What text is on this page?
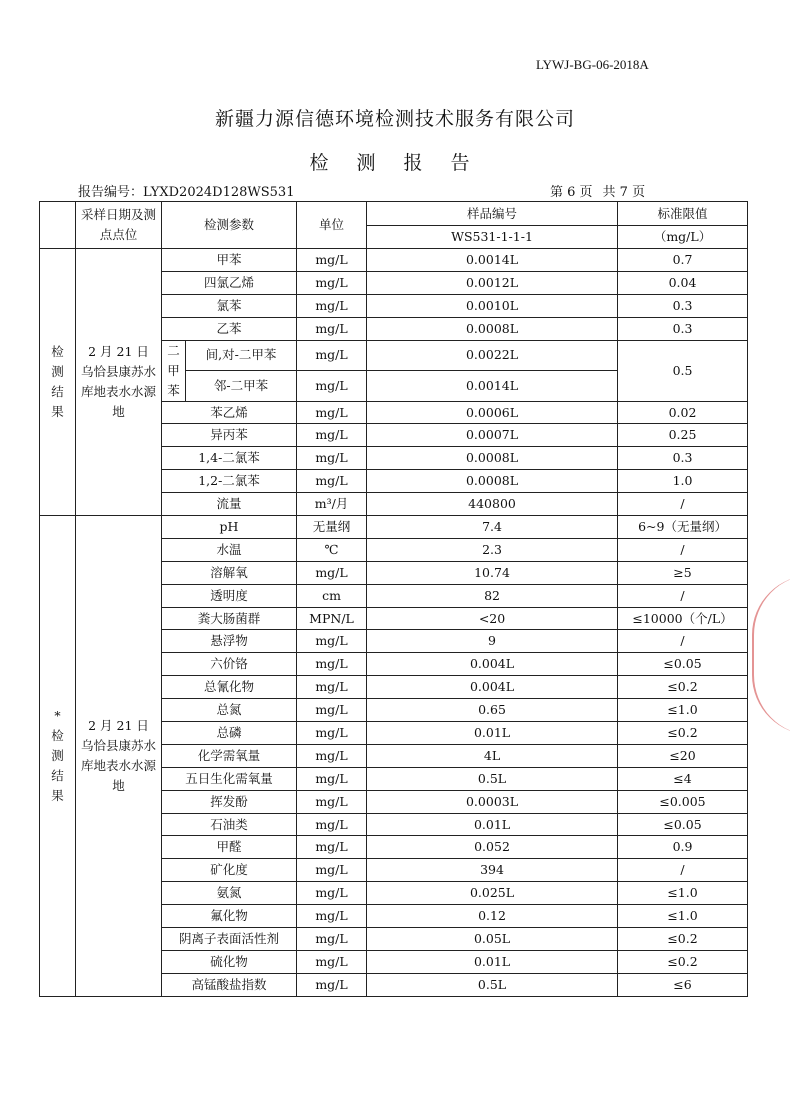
LYWJ-BG-06-2018A
新疆力源信德环境检测技术服务有限公司
检 测 报 告
报告编号：LYXD2024D128WS531	第 6 页 共 7 页
	采样日期及测点点位	检测参数		单位	样品编号	标准限值
					WS531-1-1-1	（mg/L）

检测结果	2 月 21 日 乌恰县康苏水库地表水水源地	甲苯		mg/L	0.0014L	0.7
		四氯乙烯		mg/L	0.0012L	0.04
		氯苯		mg/L	0.0010L	0.3
		乙苯		mg/L	0.0008L	0.3

		二甲苯	间,对-二甲苯	mg/L	0.0022L	0.5
			邻-二甲苯	mg/L	0.0014L	
		苯乙烯		mg/L	0.0006L	0.02
		异丙苯		mg/L	0.0007L	0.25
		1,4-二氯苯		mg/L	0.0008L	0.3
		1,2-二氯苯		mg/L	0.0008L	1.0
		流量		m³/月	440800	/

*检测结果	2 月 21 日 乌恰县康苏水库地表水水源地	pH		无量纲	7.4	6~9（无量纲）
		水温		℃	2.3	/
		溶解氧		mg/L	10.74	≥5
		透明度		cm	82	/
		粪大肠菌群		MPN/L	<20	≤10000（个/L）
		悬浮物		mg/L	9	/
		六价铬		mg/L	0.004L	≤0.05
		总氰化物		mg/L	0.004L	≤0.2
		总氮		mg/L	0.65	≤1.0
		总磷		mg/L	0.01L	≤0.2
		化学需氧量		mg/L	4L	≤20
		五日生化需氧量		mg/L	0.5L	≤4
		挥发酚		mg/L	0.0003L	≤0.005
		石油类		mg/L	0.01L	≤0.05
		甲醛		mg/L	0.052	0.9
		矿化度		mg/L	394	/
		氨氮		mg/L	0.025L	≤1.0
		氟化物		mg/L	0.12	≤1.0
		阴离子表面活性剂		mg/L	0.05L	≤0.2
		硫化物		mg/L	0.01L	≤0.2
		高锰酸盐指数		mg/L	0.5L	≤6
